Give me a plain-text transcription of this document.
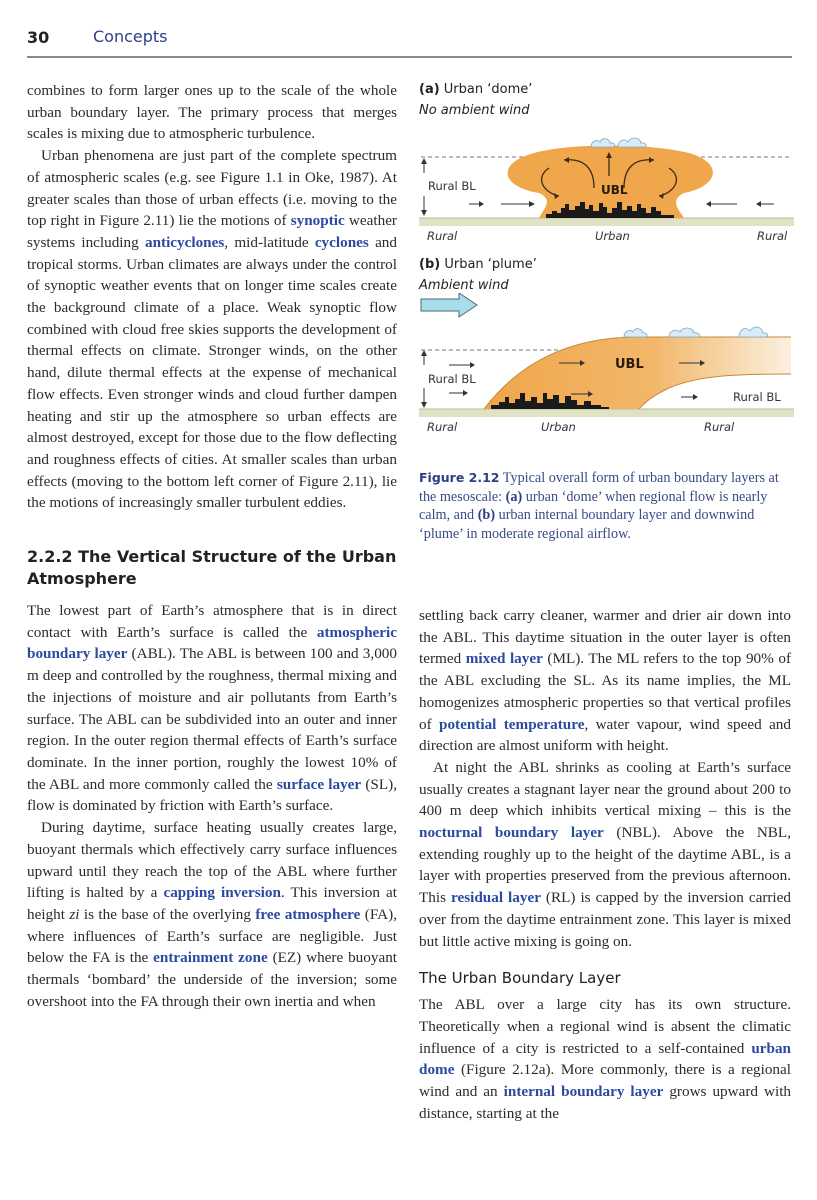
30	Concepts

combines to form larger ones up to the scale of the whole urban boundary layer. The primary process that merges scales is mixing due to atmospheric turbulence.

Urban phenomena are just part of the complete spectrum of atmospheric scales (e.g. see Figure 1.1 in Oke, 1987). At greater scales than those of urban effects (i.e. moving to the top right in Figure 2.11) lie the motions of synoptic weather systems including anticyclones, mid-latitude cyclones and tropical storms. Urban climates are always under the control of synoptic weather events that on longer time scales create the background climate of a place. Weak synoptic flow combined with cloud free skies supports the development of thermal effects on climate. Stronger winds, on the other hand, dilute thermal effects at the expense of mechanical flow effects. Even stronger winds and cloud further dampen heating and stir up the atmosphere so urban effects are almost destroyed, except for those due to the flow deflecting and roughness effects of cities. At smaller scales than urban effects (moving to the bottom left corner of Figure 2.11), lie the motions of increasingly smaller turbulent eddies.

2.2.2 The Vertical Structure of the Urban Atmosphere

The lowest part of Earth’s atmosphere that is in direct contact with Earth’s surface is called the atmospheric boundary layer (ABL). The ABL is between 100 and 3,000 m deep and controlled by the roughness, thermal mixing and the injections of moisture and air pollutants from Earth’s surface. The ABL can be subdivided into an outer and inner region. In the outer region thermal effects of Earth’s surface dominate. In the inner portion, roughly the lowest 10% of the ABL and more commonly called the surface layer (SL), flow is dominated by friction with Earth’s surface.

During daytime, surface heating usually creates large, buoyant thermals which effectively carry surface influences upward until they reach the top of the ABL where further lifting is halted by a capping inversion. This inversion at height zi is the base of the overlying free atmosphere (FA), where influences of Earth’s surface are negligible. Just below the FA is the entrainment zone (EZ) where buoyant thermals ‘bombard’ the underside of the inversion; some overshoot into the FA through their own inertia and when

(a) Urban ‘dome’
No ambient wind
UBL
Rural BL
Rural	Urban	Rural
(b) Urban ‘plume’
Ambient wind
UBL
Rural BL
Rural BL
Rural	Urban	Rural
Figure 2.12 Typical overall form of urban boundary layers at the mesoscale: (a) urban ‘dome’ when regional flow is nearly calm, and (b) urban internal boundary layer and downwind ‘plume’ in moderate regional airflow.

settling back carry cleaner, warmer and drier air down into the ABL. This daytime situation in the outer layer is often termed mixed layer (ML). The ML refers to the top 90% of the ABL excluding the SL. As its name implies, the ML homogenizes atmospheric properties so that vertical profiles of potential temperature, water vapour, wind speed and direction are almost uniform with height.

At night the ABL shrinks as cooling at Earth’s surface usually creates a stagnant layer near the ground about 200 to 400 m deep which inhibits vertical mixing – this is the nocturnal boundary layer (NBL). Above the NBL, extending roughly up to the height of the daytime ABL, is a layer with properties preserved from the previous afternoon. This residual layer (RL) is capped by the inversion carried over from the daytime entrainment zone. This layer is mixed but little active mixing is going on.

The Urban Boundary Layer

The ABL over a large city has its own structure. Theoretically when a regional wind is absent the climatic influence of a city is restricted to a self-contained urban dome (Figure 2.12a). More commonly, there is a regional wind and an internal boundary layer grows upward with distance, starting at the
